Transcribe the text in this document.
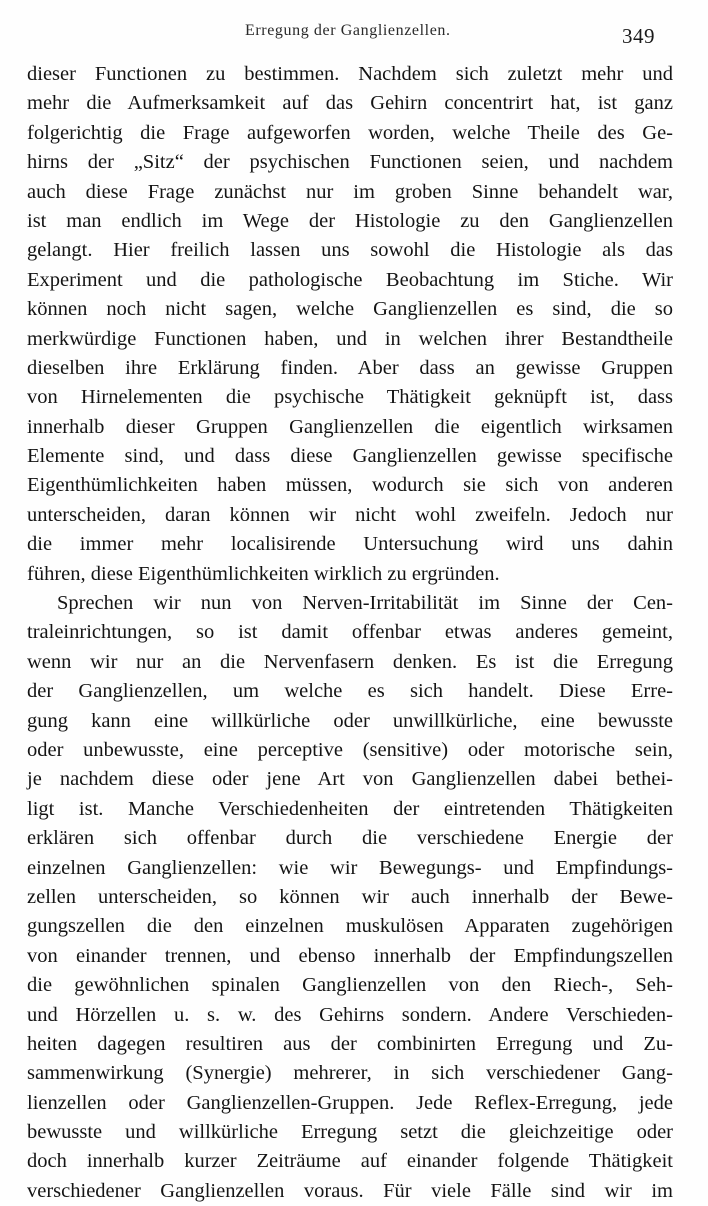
Erregung der Ganglienzellen.	349
dieser Functionen zu bestimmen. Nachdem sich zuletzt mehr und
mehr die Aufmerksamkeit auf das Gehirn concentrirt hat, ist ganz
folgerichtig die Frage aufgeworfen worden, welche Theile des Ge-
hirns der „Sitz“ der psychischen Functionen seien, und nachdem
auch diese Frage zunächst nur im groben Sinne behandelt war,
ist man endlich im Wege der Histologie zu den Ganglienzellen
gelangt. Hier freilich lassen uns sowohl die Histologie als das
Experiment und die pathologische Beobachtung im Stiche. Wir
können noch nicht sagen, welche Ganglienzellen es sind, die so
merkwürdige Functionen haben, und in welchen ihrer Bestandtheile
dieselben ihre Erklärung finden. Aber dass an gewisse Gruppen
von Hirnelementen die psychische Thätigkeit geknüpft ist, dass
innerhalb dieser Gruppen Ganglienzellen die eigentlich wirksamen
Elemente sind, und dass diese Ganglienzellen gewisse specifische
Eigenthümlichkeiten haben müssen, wodurch sie sich von anderen
unterscheiden, daran können wir nicht wohl zweifeln. Jedoch nur
die immer mehr localisirende Untersuchung wird uns dahin
führen, diese Eigenthümlichkeiten wirklich zu ergründen.
Sprechen wir nun von Nerven-Irritabilität im Sinne der Cen-
traleinrichtungen, so ist damit offenbar etwas anderes gemeint,
wenn wir nur an die Nervenfasern denken. Es ist die Erregung
der Ganglienzellen, um welche es sich handelt. Diese Erre-
gung kann eine willkürliche oder unwillkürliche, eine bewusste
oder unbewusste, eine perceptive (sensitive) oder motorische sein,
je nachdem diese oder jene Art von Ganglienzellen dabei bethei-
ligt ist. Manche Verschiedenheiten der eintretenden Thätigkeiten
erklären sich offenbar durch die verschiedene Energie der
einzelnen Ganglienzellen: wie wir Bewegungs- und Empfindungs-
zellen unterscheiden, so können wir auch innerhalb der Bewe-
gungszellen die den einzelnen muskulösen Apparaten zugehörigen
von einander trennen, und ebenso innerhalb der Empfindungszellen
die gewöhnlichen spinalen Ganglienzellen von den Riech-, Seh-
und Hörzellen u. s. w. des Gehirns sondern. Andere Verschieden-
heiten dagegen resultiren aus der combinirten Erregung und Zu-
sammenwirkung (Synergie) mehrerer, in sich verschiedener Gang-
lienzellen oder Ganglienzellen-Gruppen. Jede Reflex-Erregung, jede
bewusste und willkürliche Erregung setzt die gleichzeitige oder
doch innerhalb kurzer Zeiträume auf einander folgende Thätigkeit
verschiedener Ganglienzellen voraus. Für viele Fälle sind wir im
